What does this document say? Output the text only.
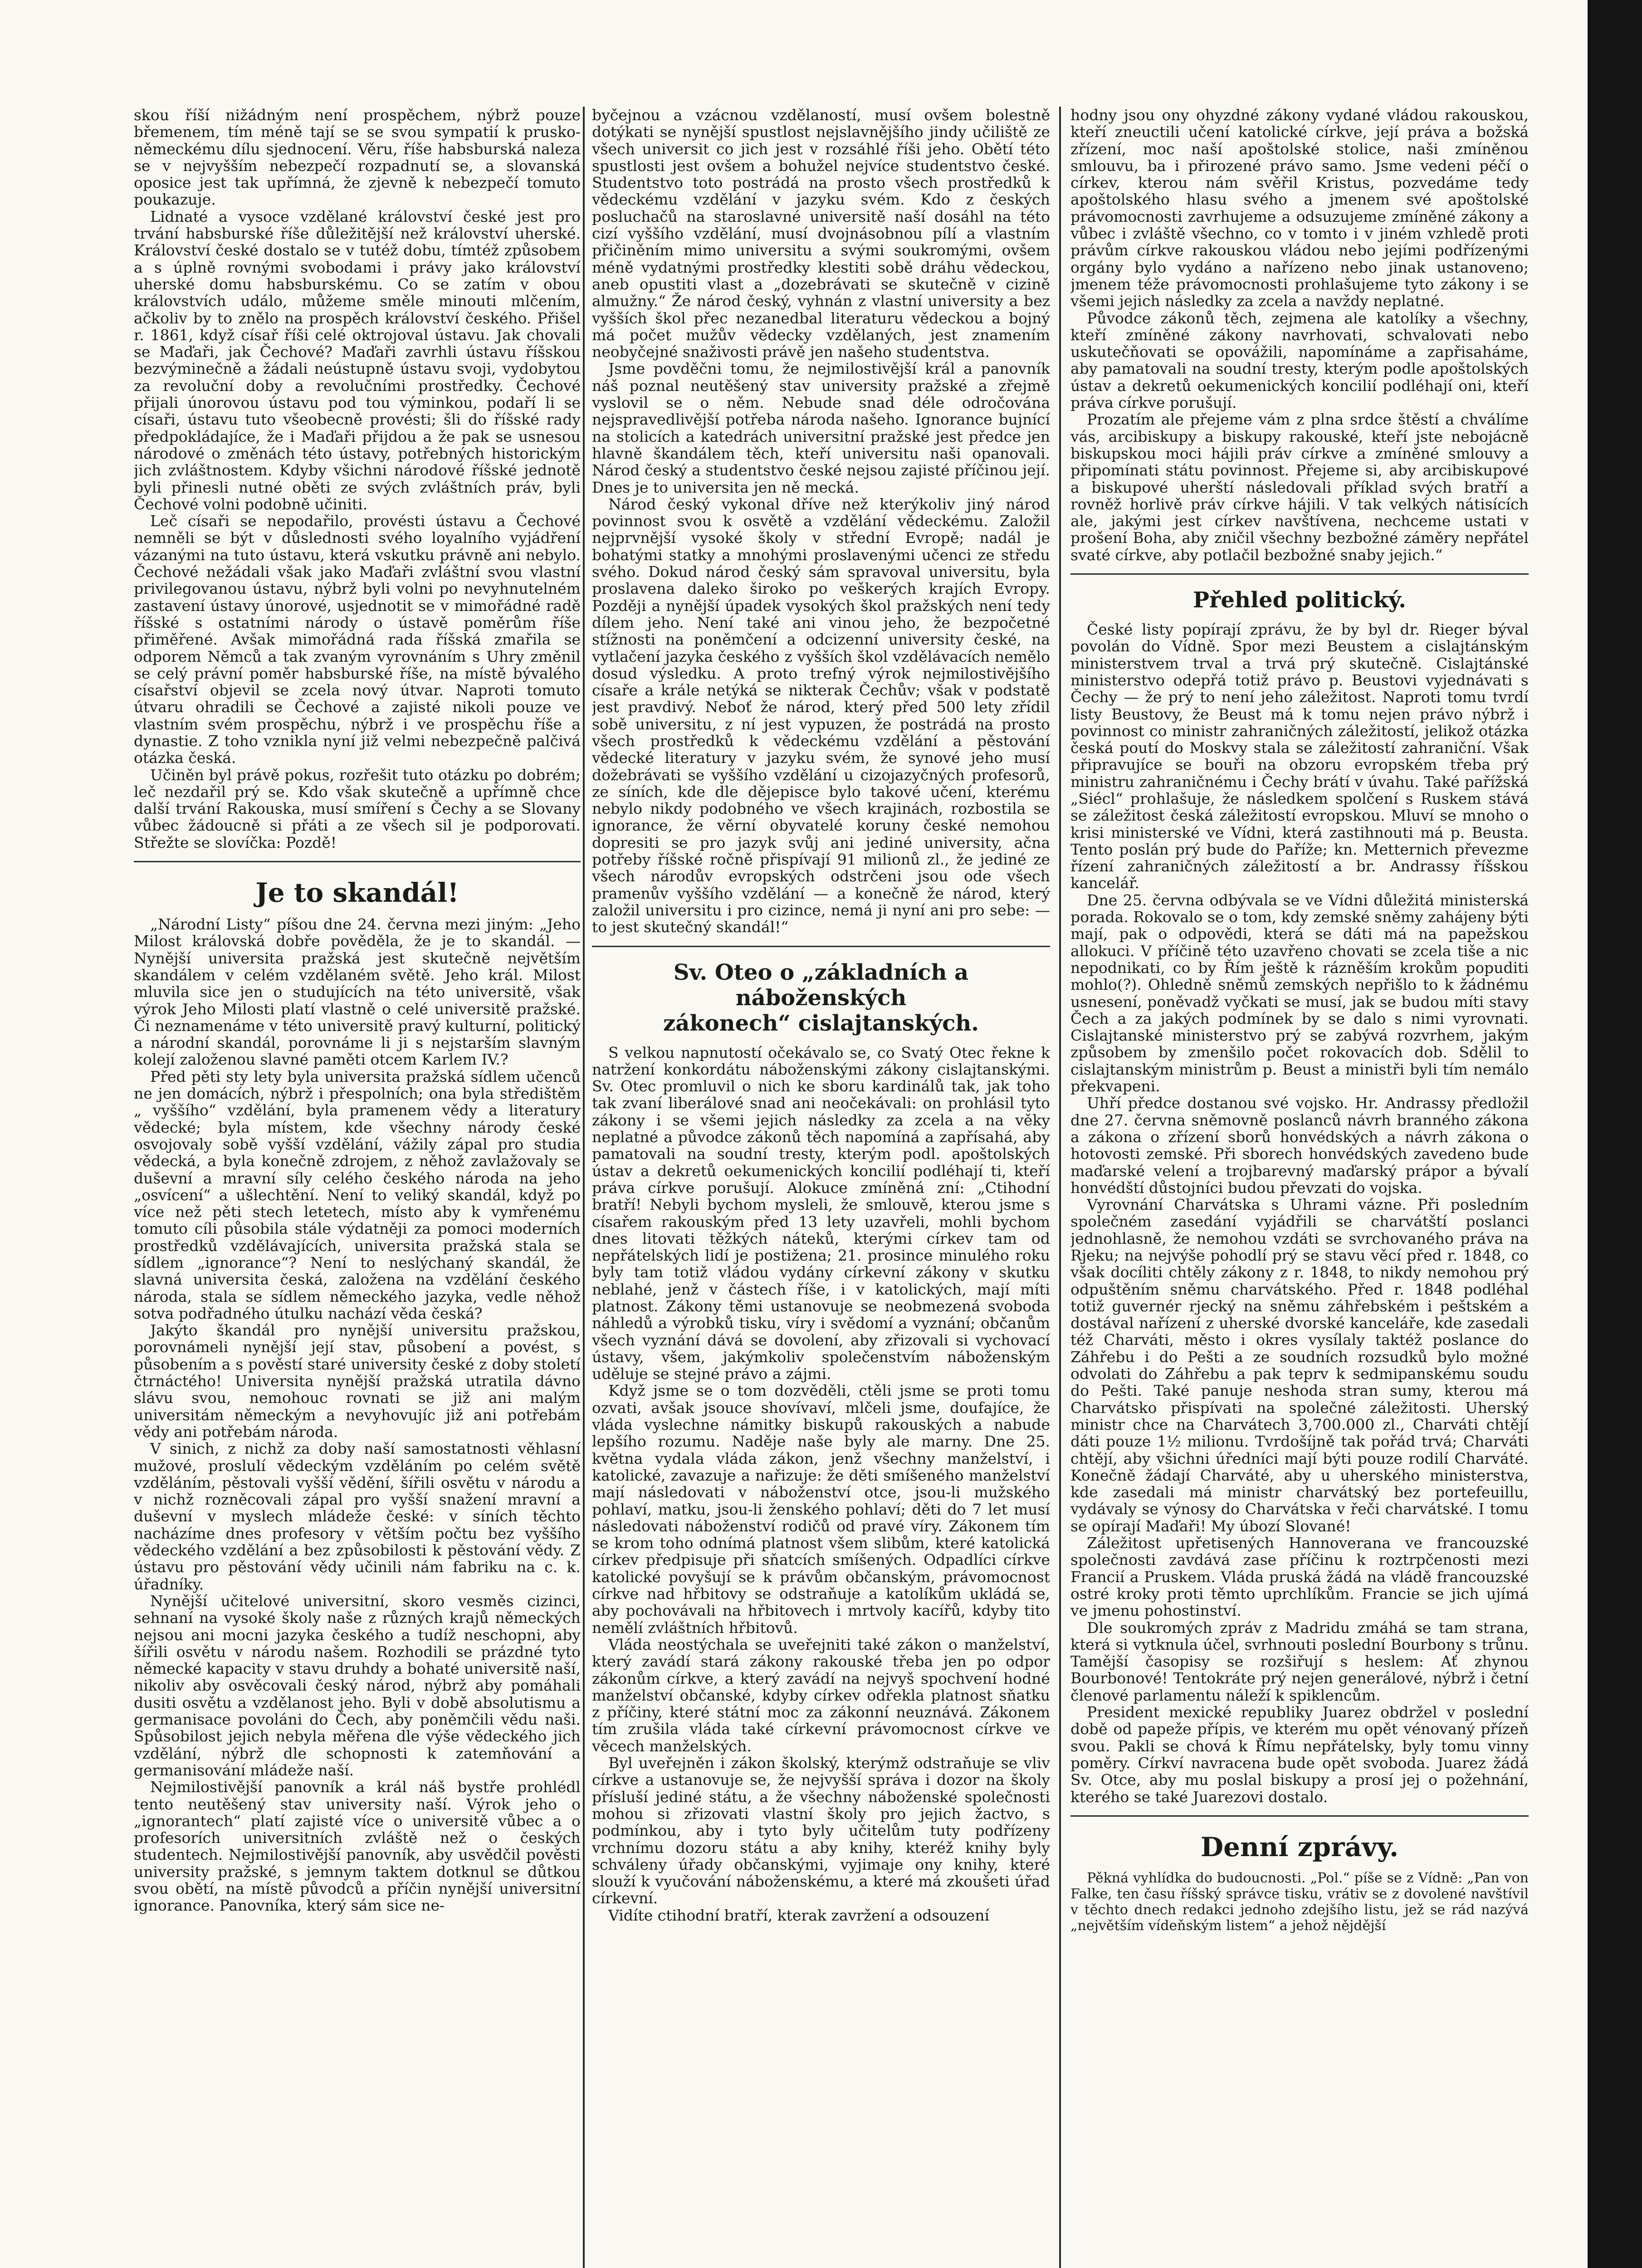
skou říší nižádným není prospěchem, nýbrž pouze břemenem, tím méně tají se se svou sympatií k prusko-německému dílu sjednocení. Věru, říše habsburská naleza se v nejvyšším nebezpečí rozpadnutí se, a slovanská oposice jest tak upřímná, že zjevně k nebezpečí tomuto poukazuje.

Lidnaté a vysoce vzdělané království české jest pro trvání habsburské říše důležitější než království uherské. Království české dostalo se v tutéž dobu, tímtéž způsobem a s úplně rovnými svobodami i právy jako království uherské domu habsburskému. Co se zatím v obou královstvích událo, můžeme směle minouti mlčením, ačkoliv by to znělo na prospěch království českého. Přišel r. 1861, když císař říši celé oktrojoval ústavu. Jak chovali se Maďaři, jak Čechové? Maďaři zavrhli ústavu říšskou bezvýminečně a žádali neústupně ústavu svoji, vydobytou za revoluční doby a revolučními prostředky. Čechové přijali únorovou ústavu pod tou výminkou, podaří li se císaři, ústavu tuto všeobecně provésti; šli do říšské rady předpokládajíce, že i Maďaři přijdou a že pak se usnesou národové o změnách této ústavy, potřebných historickým jich zvláštnostem. Kdyby všichni národové říšské jednotě byli přinesli nutné oběti ze svých zvláštních práv, byli Čechové volni podobně učiniti.

Leč císaři se nepodařilo, provésti ústavu a Čechové nemněli se být v důslednosti svého loyalního vyjádření vázanými na tuto ústavu, která vskutku právně ani nebylo. Čechové nežádali však jako Maďaři zvláštní svou vlastní privilegovanou ústavu, nýbrž byli volni po nevyhnutelném zastavení ústavy únorové, usjednotit se v mimořádné radě říšské s ostatními národy o ústavě poměrům říše přiměřené. Avšak mimořádná rada říšská zmařila se odporem Němců a tak zvaným vyrovnáním s Uhry změnil se celý právní poměr habsburské říše, na místě bývalého císařství objevil se zcela nový útvar. Naproti tomuto útvaru ohradili se Čechové a zajisté nikoli pouze ve vlastním svém prospěchu, nýbrž i ve prospěchu říše a dynastie. Z toho vznikla nyní již velmi nebezpečně palčivá otázka česká.

Učiněn byl právě pokus, rozřešit tuto otázku po dobrém; leč nezdařil prý se. Kdo však skutečně a upřímně chce další trvání Rakouska, musí smíření s Čechy a se Slovany vůbec žádoucně si přáti a ze všech sil je podporovati. Střežte se slovíčka: Pozdě!

Je to skandál!

„Národní Listy“ píšou dne 24. června mezi jiným: „Jeho Milost královská dobře pověděla, že je to skandál. — Nynější universita pražská jest skutečně největším skandálem v celém vzdělaném světě. Jeho král. Milost mluvila sice jen o studujících na této universitě, však výrok Jeho Milosti platí vlastně o celé universitě pražské. Či neznamenáme v této universitě pravý kulturní, politický a národní skandál, porovnáme li ji s nejstarším slavným kolejí založenou slavné paměti otcem Karlem IV.?

Před pěti sty lety byla universita pražská sídlem učenců ne jen domácích, nýbrž i přespolních; ona byla středištěm „ vyššího“ vzdělání, byla pramenem vědy a literatury vědecké; byla místem, kde všechny národy české osvojovaly sobě vyšší vzdělání, vážily zápal pro studia vědecká, a byla konečně zdrojem, z něhož zavlažovaly se duševní a mravní síly celého českého národa na jeho „osvícení“ a ušlechtění. Není to veliký skandál, když po více než pěti stech letetech, místo aby k vymřenému tomuto cíli působila stále výdatněji za pomoci moderních prostředků vzdělávajících, universita pražská stala se sídlem „ignorance“? Není to neslýchaný skandál, že slavná universita česká, založena na vzdělání českého národa, stala se sídlem německého jazyka, vedle něhož sotva podřadného útulku nachází věda česká?

Jakýto škandál pro nynější universitu pražskou, porovnámeli nynější její stav, působení a povést, s působením a s pověstí staré university české z doby století čtrnáctého! Universita nynější pražská utratila dávno slávu svou, nemohouc rovnati se již ani malým universitám německým a nevyhovujíc již ani potřebám vědy ani potřebám národa.

V sinich, z nichž za doby naší samostatnosti věhlasní mužové, proslulí vědeckým vzděláním po celém světě vzděláním, pěstovali vyšší vědění, šířili osvětu v národu a v nichž rozněcovali zápal pro vyšší snažení mravní a duševní v myslech mládeže české: v síních těchto nacházíme dnes profesory v větším počtu bez vyššího vědeckého vzdělání a bez způsobilosti k pěstování vědy. Z ústavu pro pěstování vědy učinili nám fabriku na c. k. úřadníky.

Nynější učitelové universitní, skoro vesměs cizinci, sehnaní na vysoké školy naše z různých krajů německých nejsou ani mocni jazyka českého a tudíž neschopni, aby šířili osvětu v národu našem. Rozhodili se prázdné tyto německé kapacity v stavu druhdy a bohaté universitě naší, nikoliv aby osvěcovali český národ, nýbrž aby pomáhali dusiti osvětu a vzdělanost jeho. Byli v době absolutismu a germanisace povoláni do Čech, aby poněmčili vědu naši. Spůsobilost jejich nebyla měřena dle výše vědeckého jich vzdělání, nýbrž dle schopnosti k zatemňování a germanisování mládeže naší.

Nejmilostivější panovník a král náš bystře prohlédl tento neutěšený stav university naší. Výrok jeho o „ignorantech“ platí zajisté více o universitě vůbec a o profesorích universitních zvláště než o českých studentech. Nejmilostivější panovník, aby usvědčil pověsti university pražské, s jemnym taktem dotknul se důtkou svou obětí, na místě původců a příčin nynější universitní ignorance. Panovníka, který sám sice ne-

byčejnou a vzácnou vzdělaností, musí ovšem bolestně dotýkati se nynější spustlost nejslavnějšího jindy učiliště ze všech universit co jich jest v rozsáhlé říši jeho. Obětí této spustlosti jest ovšem a bohužel nejvíce studentstvo české. Studentstvo toto postrádá na prosto všech prostředků k vědeckému vzdělání v jazyku svém. Kdo z českých posluchačů na staroslavné universitě naší dosáhl na této cizí vyššího vzdělání, musí dvojnásobnou pílí a vlastním přičiněním mimo universitu a svými soukromými, ovšem méně vydatnými prostředky klestiti sobě dráhu vědeckou, aneb opustiti vlast a „dozebrávati se skutečně v cizině almužny.“ Že národ český, vyhnán z vlastní university a bez vyšších škol přec nezanedbal literaturu vědeckou a bojný má počet mužův vědecky vzdělaných, jest znamením neobyčejné snaživosti právě jen našeho studentstva.

Jsme povděčni tomu, že nejmilostivější král a panovník náš poznal neutěšený stav university pražské a zřejmě vyslovil se o něm. Nebude snad déle odročována nejspravedlivější potřeba národa našeho. Ignorance bujnící na stolicích a katedrách universitní pražské jest předce jen hlavně škandálem těch, kteří universitu naši opanovali. Národ český a studentstvo české nejsou zajisté příčinou její. Dnes je to universita jen ně mecká.

Národ český vykonal dříve než kterýkoliv jiný národ povinnost svou k osvětě a vzdělání vědeckému. Založil nejprvnější vysoké školy v střední Evropě; nadál je bohatými statky a mnohými proslavenými učenci ze středu svého. Dokud národ český sám spravoval universitu, byla proslavena daleko široko po veškerých krajích Evropy. Později a nynější úpadek vysokých škol pražských není tedy dílem jeho. Není také ani vinou jeho, že bezpočetné stížnosti na poněmčení a odcizenní university české, na vytlačení jazyka českého z vyšších škol vzdělávacích nemělo dosud výsledku. A proto trefný výrok nejmilostivějšího císaře a krále netýká se nikterak Čechův; však v podstatě jest pravdivý. Neboť že národ, který před 500 lety zřídil sobě universitu, z ní jest vypuzen, že postrádá na prosto všech prostředků k vědeckému vzdělání a pěstování vědecké literatury v jazyku svém, že synové jeho musí dožebrávati se vyššího vzdělání u cizojazyčných profesorů, ze síních, kde dle dějepisce bylo takové učení, kterému nebylo nikdy podobného ve všech krajinách, rozbostila se ignorance, že věrní obyvatelé koruny české nemohou dopresiti se pro jazyk svůj ani jediné university, ačna potřeby říšské ročně přispívají 91 milionů zl., že jediné ze všech národův evropských odstrčeni jsou ode všech pramenův vyššího vzdělání — a konečně že národ, který založil universitu i pro cizince, nemá ji nyní ani pro sebe: — to jest skutečný skandál!“

Sv. Oteo o „základních a náboženských
zákonech“ cislajtanských.

S velkou napnutostí očekávalo se, co Svatý Otec řekne k natržení konkordátu náboženskými zákony cislajtanskými. Sv. Otec promluvil o nich ke sboru kardinálů tak, jak toho tak zvaní liberálové snad ani neočekávali: on prohlásil tyto zákony i se všemi jejich následky za zcela a na věky neplatné a původce zákonů těch napomíná a zapřísahá, aby pamatovali na soudní tresty, kterým podl. apoštolských ústav a dekretů oekumenických koncilií podléhají ti, kteří práva církve porušují. Alokuce zmíněná zní: „Ctihodní bratří! Nebyli bychom mysleli, že smlouvě, kterou jsme s císařem rakouským před 13 lety uzavřeli, mohli bychom dnes litovati těžkých náteků, kterými církev tam od nepřátelských lidí je postižena; 21. prosince minulého roku byly tam totiž vládou vydány církevní zákony v skutku neblahé, jenž v částech říše, i v katolických, mají míti platnost. Zákony těmi ustanovuje se neobmezená svoboda náhledů a výrobků tisku, víry i svědomí a vyznání; občanům všech vyznání dává se dovolení, aby zřizovali si vychovací ústavy, všem, jakýmkoliv společenstvím náboženským uděluje se stejné právo a zájmi.

Když jsme se o tom dozvěděli, ctěli jsme se proti tomu ozvati, avšak jsouce shovívaví, mlčeli jsme, doufajíce, že vláda vyslechne námitky biskupů rakouských a nabude lepšího rozumu. Naděje naše byly ale marny. Dne 25. května vydala vláda zákon, jenž všechny manželství, i katolické, zavazuje a nařizuje: že děti smíšeného manželství mají následovati v náboženství otce, jsou-li mužského pohlaví, matku, jsou-li ženského pohlaví; děti do 7 let musí následovati náboženství rodičů od pravé víry. Zákonem tím se krom toho odnímá platnost všem slibům, které katolická církev předpisuje při sňatcích smíšených. Odpadlíci církve katolické povyšují se k právům občanským, právomocnost církve nad hřbitovy se odstraňuje a katolíkům ukládá se, aby pochovávali na hřbitovech i mrtvoly kacířů, kdyby tito nemělí zvláštních hřbitovů.

Vláda neostýchala se uveřejniti také zákon o manželství, který zavádí stará zákony rakouské třeba jen po odpor zákonům církve, a který zavádí na nejvyš spochvení hodné manželství občanské, kdyby církev odřekla platnost sňatku z příčiny, které státní moc za zákonní neuznává. Zákonem tím zrušila vláda také církevní právomocnost církve ve věcech manželských.

Byl uveřejněn i zákon školský, kterýmž odstraňuje se vliv církve a ustanovuje se, že nejvyšší správa i dozor na školy přísluší jediné státu, a že všechny náboženské společnosti mohou si zřizovati vlastní školy pro jejich žactvo, s podmínkou, aby i tyto byly učitelům tuty podřízeny vrchnímu dozoru státu a aby knihy, kteréž knihy byly schváleny úřady občanskými, vyjimaje ony knihy, které slouží k vyučování náboženskému, a které má zkoušeti úřad církevní.

Vidíte ctihodní bratří, kterak zavržení a odsouzení

hodny jsou ony ohyzdné zákony vydané vládou rakouskou, kteří zneuctili učení katolické církve, její práva a božská zřízení, moc naší apoštolské stolice, naši zmíněnou smlouvu, ba i přirozené právo samo. Jsme vedeni péčí o církev, kterou nám svěřil Kristus, pozvedáme tedy apoštolského hlasu svého a jmenem své apoštolské právomocnosti zavrhujeme a odsuzujeme zmíněné zákony a vůbec i zvláště všechno, co v tomto i v jiném vzhledě proti právům církve rakouskou vládou nebo jejími podřízenými orgány bylo vydáno a nařízeno nebo jinak ustanoveno; jmenem téže právomocnosti prohlašujeme tyto zákony i se všemi jejich následky za zcela a navždy neplatné.

Původce zákonů těch, zejmena ale katolíky a všechny, kteří zmíněné zákony navrhovati, schvalovati nebo uskutečňovati se opovážili, napomínáme a zapřisaháme, aby pamatovali na soudní tresty, kterým podle apoštolských ústav a dekretů oekumenických koncilií podléhají oni, kteří práva církve porušují.

Prozatím ale přejeme vám z plna srdce štěstí a chválíme vás, arcibiskupy a biskupy rakouské, kteří jste nebojácně biskupskou moci hájili práv církve a zmíněné smlouvy a připomínati státu povinnost. Přejeme si, aby arcibiskupové a biskupové uherští následovali příklad svých bratří a rovněž horlivě práv církve hájili. V tak velkých nátisících ale, jakými jest církev navštívena, nechceme ustati v prošení Boha, aby zničil všechny bezbožné záměry nepřátel svaté církve, aby potlačil bezbožné snaby jejich.“

Přehled politický.

České listy popírají zprávu, že by byl dr. Rieger býval povolán do Vídně. Spor mezi Beustem a cislajtánským ministerstvem trval a trvá prý skutečně. Cislajtánské ministerstvo odepřá totiž právo p. Beustovi vyjednávati s Čechy — že prý to není jeho záležitost. Naproti tomu tvrdí listy Beustovy, že Beust má k tomu nejen právo nýbrž i povinnost co ministr zahraničných záležitostí, jelikož otázka česká poutí do Moskvy stala se záležitostí zahraniční. Však připravujíce se bouři na obzoru evropském třeba prý ministru zahraničnému i Čechy brátí v úvahu. Také pařížská „Siécl“ prohlašuje, že následkem spolčení s Ruskem stává se záležitost česká záležitostí evropskou. Mluví se mnoho o krisi ministerské ve Vídni, která zastihnouti má p. Beusta. Tento poslán prý bude do Paříže; kn. Metternich převezme řízení zahraničných záležitostí a br. Andrassy říšskou kancelář.

Dne 25. června odbývala se ve Vídni důležitá ministerská porada. Rokovalo se o tom, kdy zemské sněmy zahájeny býti mají, pak o odpovědi, která se dáti má na papežskou allokuci. V příčině této uzavřeno chovati se zcela tiše a nic nepodnikati, co by Řím ještě k rázněším krokům popuditi mohlo(?). Ohledně sněmů zemských nepřišlo to k žádnému usnesení, poněvadž vyčkati se musí, jak se budou míti stavy Čech a za jakých podmínek by se dalo s nimi vyrovnati. Cislajtanské ministerstvo prý se zabývá rozvrhem, jakým způsobem by zmenšilo počet rokovacích dob. Sdělil to cislajtanským ministrům p. Beust a ministři byli tím nemálo překvapeni.

Uhří předce dostanou své vojsko. Hr. Andrassy předložil dne 27. června sněmovně poslanců návrh branného zákona a zákona o zřízení sborů honvédských a návrh zákona o hotovosti zemské. Při sborech honvédských zavedeno bude maďarské velení a trojbarevný maďarský prápor a bývalí honvédští důstojníci budou převzati do vojska.

Vyrovnání Charvátska s Uhrami vázne. Při posledním společném zasedání vyjádřili se charvátští poslanci jednohlasně, že nemohou vzdáti se svrchovaného práva na Rjeku; na nejvýše pohodlí prý se stavu věcí před r. 1848, co však docíliti chtěly zákony z r. 1848, to nikdy nemohou prý odpuštěním sněmu charvátského. Před r. 1848 podléhal totiž guvernér rjecký na sněmu záhřebském i peštském a dostával nařízení z uherské dvorské kanceláře, kde zasedali též Charváti, město i okres vysílaly taktéž poslance do Záhřebu i do Pešti a ze soudních rozsudků bylo možné odvolati do Záhřebu a pak teprv k sedmipanskému soudu do Pešti. Také panuje neshoda stran sumy, kterou má Charvátsko přispívati na společné záležitosti. Uherský ministr chce na Charvátech 3,700.000 zl., Charváti chtějí dáti pouze 1½ milionu. Tvrdošíjně tak pořád trvá; Charváti chtějí, aby všichni úředníci mají býti pouze rodilí Charváté. Konečně žádají Charváté, aby u uherského ministerstva, kde zasedali má ministr charvátský bez portefeuillu, vydávaly se výnosy do Charvátska v řeči charvátské. I tomu se opírají Maďaři! My úbozí Slované!

Záležitost upřetisených Hannoverana ve francouzské společnosti zavdává zase příčinu k roztrpčenosti mezi Francií a Pruskem. Vláda pruská žádá na vládě francouzské ostré kroky proti těmto uprchlíkům. Francie se jich ujímá ve jmenu pohostinství.

Dle soukromých zpráv z Madridu zmáhá se tam strana, která si vytknula účel, svrhnouti poslední Bourbony s trůnu. Tamější časopisy se rozšiřují s heslem: Ať zhynou Bourbonové! Tentokráte prý nejen generálové, nýbrž i četní členové parlamentu náleží k spiklencům.

President mexické republiky Juarez obdržel v poslední době od papeže přípis, ve kterém mu opět vénovaný přízeň svou. Pakli se chová k Římu nepřátelsky, byly tomu vinny poměry. Církví navracena bude opět svoboda. Juarez žádá Sv. Otce, aby mu poslal biskupy a prosí jej o požehnání, kterého se také Juarezovi dostalo.

Denní zprávy.

Pěkná vyhlídka do budoucnosti. „Pol.“ píše se z Vídně: „Pan von Falke, ten času říšský správce tisku, vrátiv se z dovolené navštívil v těchto dnech redakci jednoho zdejšího listu, jež se rád nazývá „největším vídeňským listem“ a jehož nějdější
